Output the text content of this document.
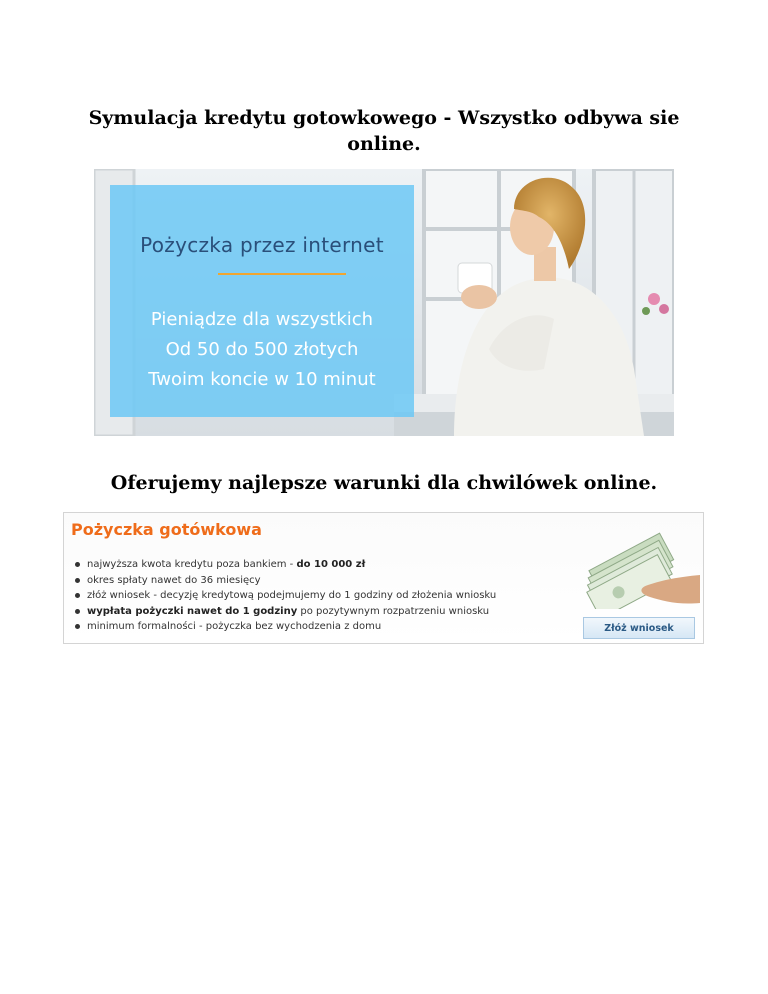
Symulacja kredytu gotowkowego - Wszystko odbywa sie online.
Pożyczka przez internet
Pieniądze dla wszystkich
Od 50 do 500 złotych
Twoim koncie w 10 minut
Oferujemy najlepsze warunki dla chwilówek online.
Pożyczka gotówkowa
najwyższa kwota kredytu poza bankiem - do 10 000 zł
okres spłaty nawet do 36 miesięcy
złóż wniosek - decyzję kredytową podejmujemy do 1 godziny od złożenia wniosku
wypłata pożyczki nawet do 1 godziny po pozytywnym rozpatrzeniu wniosku
minimum formalności - pożyczka bez wychodzenia z domu	Złóż wniosek
